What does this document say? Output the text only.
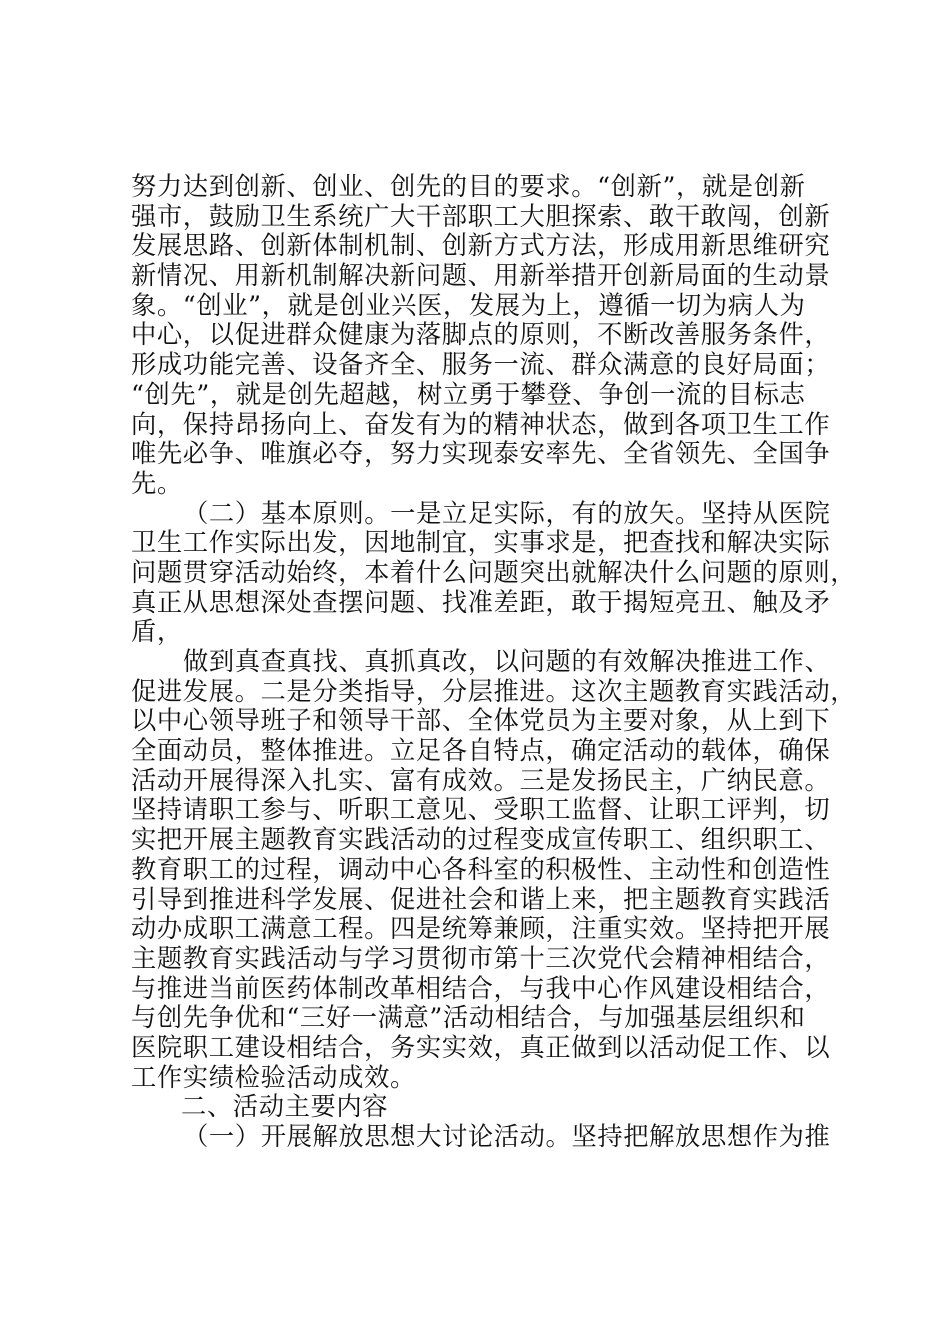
努力达到创新、创业、创先的目的要求。“创新”，就是创新
强市，鼓励卫生系统广大干部职工大胆探索、敢干敢闯，创新
发展思路、创新体制机制、创新方式方法，形成用新思维研究
新情况、用新机制解决新问题、用新举措开创新局面的生动景
象。“创业”，就是创业兴医，发展为上，遵循一切为病人为
中心，以促进群众健康为落脚点的原则，不断改善服务条件，
形成功能完善、设备齐全、服务一流、群众满意的良好局面；
“创先”，就是创先超越，树立勇于攀登、争创一流的目标志
向，保持昂扬向上、奋发有为的精神状态，做到各项卫生工作
唯先必争、唯旗必夺，努力实现泰安率先、全省领先、全国争
先。
（二）基本原则。一是立足实际，有的放矢。坚持从医院
卫生工作实际出发，因地制宜，实事求是，把查找和解决实际
问题贯穿活动始终，本着什么问题突出就解决什么问题的原则，
真正从思想深处查摆问题、找准差距，敢于揭短亮丑、触及矛
盾，
做到真查真找、真抓真改，以问题的有效解决推进工作、
促进发展。二是分类指导，分层推进。这次主题教育实践活动，
以中心领导班子和领导干部、全体党员为主要对象，从上到下
全面动员，整体推进。立足各自特点，确定活动的载体，确保
活动开展得深入扎实、富有成效。三是发扬民主，广纳民意。
坚持请职工参与、听职工意见、受职工监督、让职工评判，切
实把开展主题教育实践活动的过程变成宣传职工、组织职工、
教育职工的过程，调动中心各科室的积极性、主动性和创造性
引导到推进科学发展、促进社会和谐上来，把主题教育实践活
动办成职工满意工程。四是统筹兼顾，注重实效。坚持把开展
主题教育实践活动与学习贯彻市第十三次党代会精神相结合，
与推进当前医药体制改革相结合，与我中心作风建设相结合，
与创先争优和“三好一满意”活动相结合，与加强基层组织和
医院职工建设相结合，务实实效，真正做到以活动促工作、以
工作实绩检验活动成效。
二、活动主要内容
（一）开展解放思想大讨论活动。坚持把解放思想作为推
